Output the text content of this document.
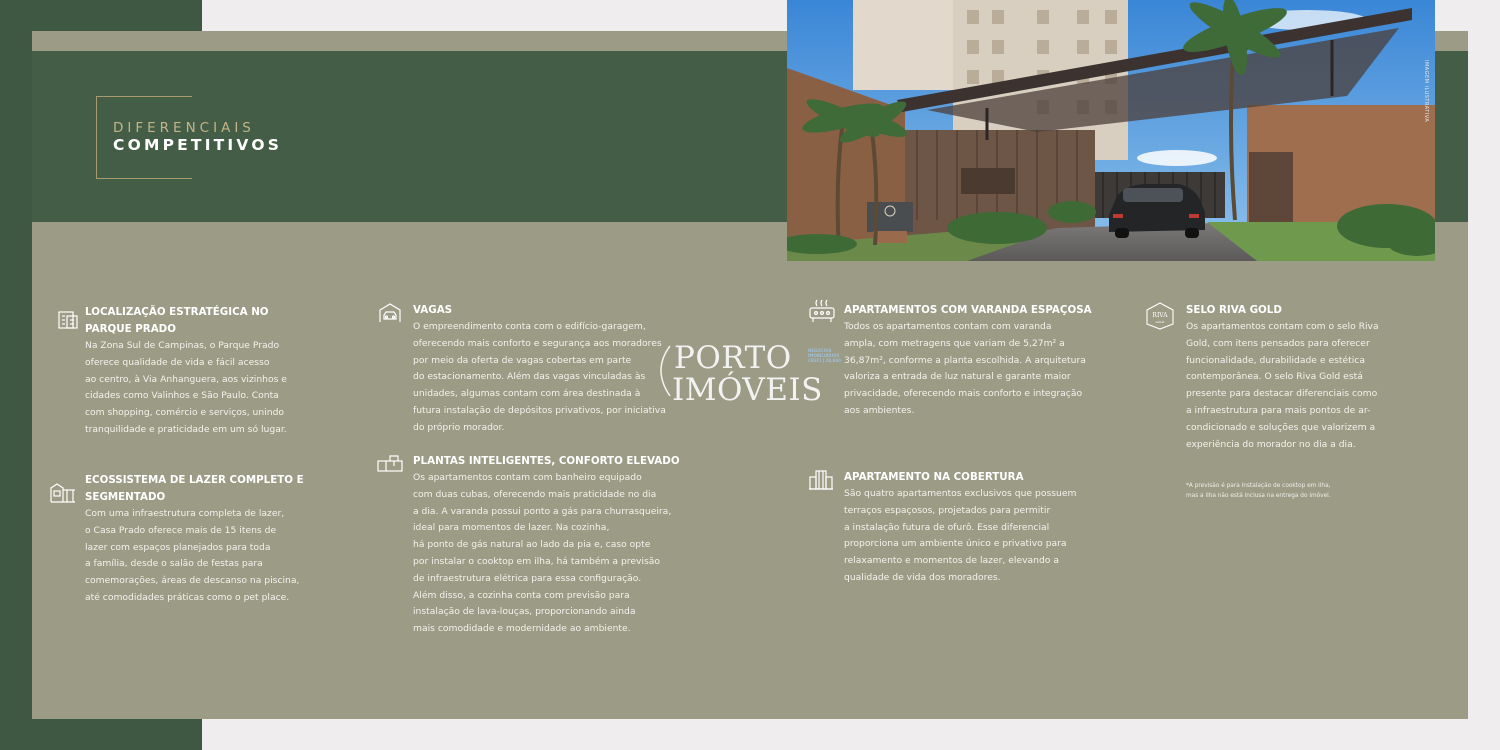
DIFERENCIAIS
COMPETITIVOS
IMAGEM ILUSTRATIVA
LOCALIZAÇÃO ESTRATÉGICA NO
PARQUE PRADO
Na Zona Sul de Campinas, o Parque Prado
oferece qualidade de vida e fácil acesso
ao centro, à Via Anhanguera, aos vizinhos e
cidades como Valinhos e São Paulo. Conta
com shopping, comércio e serviços, unindo
tranquilidade e praticidade em um só lugar.
ECOSSISTEMA DE LAZER COMPLETO E
SEGMENTADO
Com uma infraestrutura completa de lazer,
o Casa Prado oferece mais de 15 itens de
lazer com espaços planejados para toda
a família, desde o salão de festas para
comemorações, áreas de descanso na piscina,
até comodidades práticas como o pet place.
VAGAS
O empreendimento conta com o edifício-garagem,
oferecendo mais conforto e segurança aos moradores
por meio da oferta de vagas cobertas em parte
do estacionamento. Além das vagas vinculadas às
unidades, algumas contam com área destinada à
futura instalação de depósitos privativos, por iniciativa
do próprio morador.
PLANTAS INTELIGENTES, CONFORTO ELEVADO
Os apartamentos contam com banheiro equipado
com duas cubas, oferecendo mais praticidade no dia
a dia. A varanda possui ponto a gás para churrasqueira,
ideal para momentos de lazer. Na cozinha,
há ponto de gás natural ao lado da pia e, caso opte
por instalar o cooktop em ilha, há também a previsão
de infraestrutura elétrica para essa configuração.
Além disso, a cozinha conta com previsão para
instalação de lava-louças, proporcionando ainda
mais comodidade e modernidade ao ambiente.
APARTAMENTOS COM VARANDA ESPAÇOSA
Todos os apartamentos contam com varanda
ampla, com metragens que variam de 5,27m² a
36,87m², conforme a planta escolhida. A arquitetura
valoriza a entrada de luz natural e garante maior
privacidade, oferecendo mais conforto e integração
aos ambientes.
APARTAMENTO NA COBERTURA
São quatro apartamentos exclusivos que possuem
terraços espaçosos, projetados para permitir
a instalação futura de ofurô. Esse diferencial
proporciona um ambiente único e privativo para
relaxamento e momentos de lazer, elevando a
qualidade de vida dos moradores.
RIVA
GOLD
SELO RIVA GOLD
Os apartamentos contam com o selo Riva
Gold, com itens pensados para oferecer
funcionalidade, durabilidade e estética
contemporânea. O selo Riva Gold está
presente para destacar diferenciais como
a infraestrutura para mais pontos de ar-
condicionado e soluções que valorizem a
experiência do morador no dia a dia.
*A previsão é para instalação de cooktop em ilha,
mas a ilha não está inclusa na entrega do imóvel.
PORTO
IMÓVEIS
NEGÓCIOS IMOBILIÁRIOS CRECI J 28.890
